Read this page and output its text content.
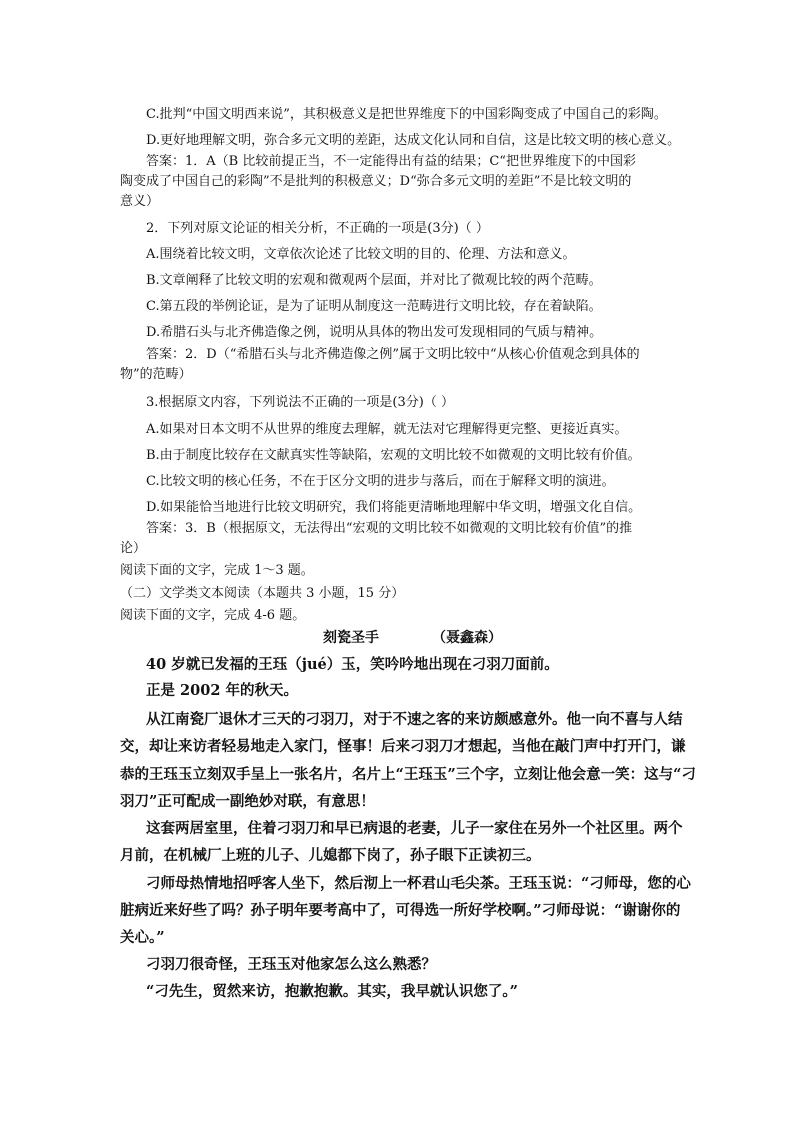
C.批判“中国文明西来说”，其积极意义是把世界维度下的中国彩陶变成了中国自己的彩陶。
D.更好地理解文明，弥合多元文明的差距，达成文化认同和自信，这是比较文明的核心意义。
答案：1．A（B 比较前提正当，不一定能得出有益的结果；C“把世界维度下的中国彩
陶变成了中国自己的彩陶”不是批判的积极意义；D“弥合多元文明的差距”不是比较文明的
意义）
2．下列对原文论证的相关分析，不正确的一项是(3分)（ ）
A.围绕着比较文明，文章依次论述了比较文明的目的、伦理、方法和意义。
B.文章阐释了比较文明的宏观和微观两个层面，并对比了微观比较的两个范畴。
C.第五段的举例论证，是为了证明从制度这一范畴进行文明比较，存在着缺陷。
D.希腊石头与北齐佛造像之例，说明从具体的物出发可发现相同的气质与精神。
答案：2．D（“希腊石头与北齐佛造像之例”属于文明比较中“从核心价值观念到具体的
物”的范畴）
3.根据原文内容，下列说法不正确的一项是(3分)（ ）
A.如果对日本文明不从世界的维度去理解，就无法对它理解得更完整、更接近真实。
B.由于制度比较存在文献真实性等缺陷，宏观的文明比较不如微观的文明比较有价值。
C.比较文明的核心任务，不在于区分文明的进步与落后，而在于解释文明的演进。
D.如果能恰当地进行比较文明研究，我们将能更清晰地理解中华文明，增强文化自信。
答案：3．B（根据原文，无法得出“宏观的文明比较不如微观的文明比较有价值”的推
论）
阅读下面的文字，完成 1～3 题。
（二）文学类文本阅读（本题共 3 小题，15 分）
阅读下面的文字，完成 4-6 题。
刻瓷圣手	（聂鑫森）
40 岁就已发福的王珏（jué）玉，笑吟吟地出现在刁羽刀面前。
正是 2002 年的秋天。
从江南瓷厂退休才三天的刁羽刀，对于不速之客的来访颇感意外。他一向不喜与人结
交，却让来访者轻易地走入家门，怪事！后来刁羽刀才想起，当他在敲门声中打开门，谦
恭的王珏玉立刻双手呈上一张名片，名片上“王珏玉”三个字，立刻让他会意一笑：这与“刁
羽刀”正可配成一副绝妙对联，有意思！
这套两居室里，住着刁羽刀和早已病退的老妻，儿子一家住在另外一个社区里。两个
月前，在机械厂上班的儿子、儿媳都下岗了，孙子眼下正读初三。
刁师母热情地招呼客人坐下，然后沏上一杯君山毛尖茶。王珏玉说：“刁师母，您的心
脏病近来好些了吗？孙子明年要考高中了，可得选一所好学校啊。”刁师母说：“谢谢你的
关心。”
刁羽刀很奇怪，王珏玉对他家怎么这么熟悉？
“刁先生，贸然来访，抱歉抱歉。其实，我早就认识您了。”
